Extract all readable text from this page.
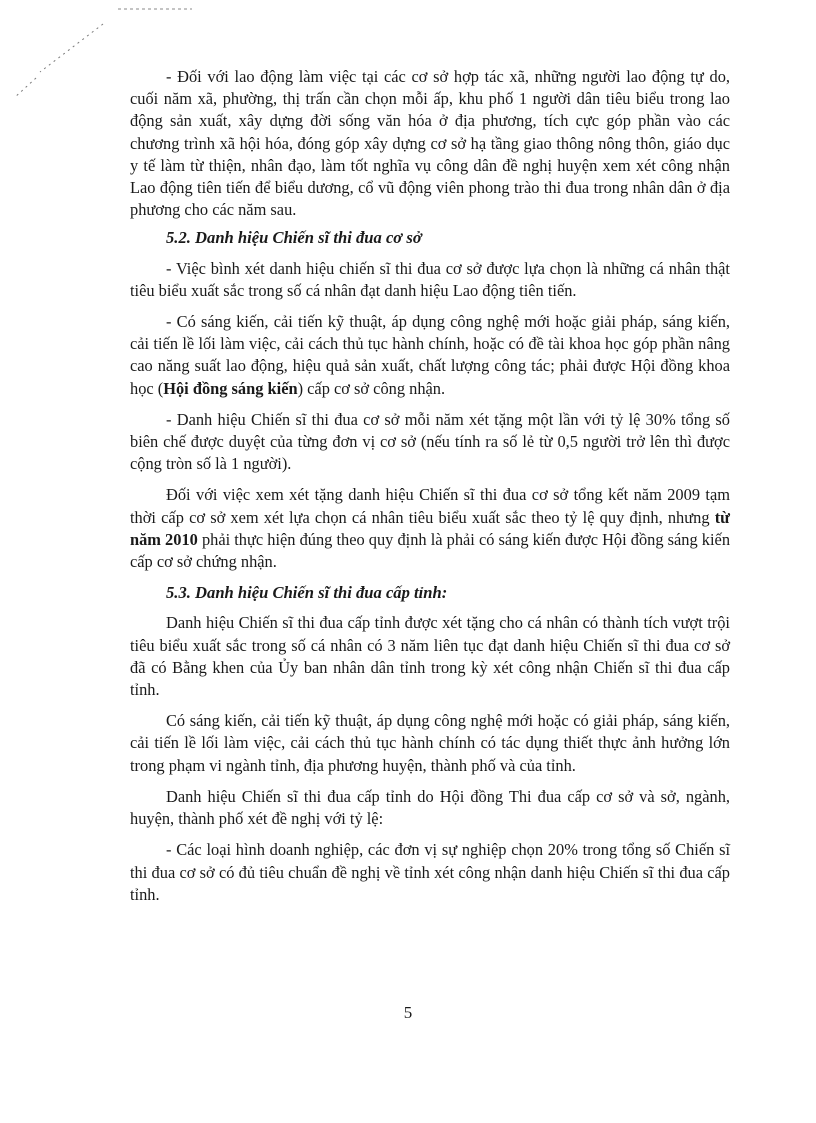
- Đối với lao động làm việc tại các cơ sở hợp tác xã, những người lao động tự do, cuối năm xã, phường, thị trấn cần chọn mỗi ấp, khu phố 1 người dân tiêu biểu trong lao động sản xuất, xây dựng đời sống văn hóa ở địa phương, tích cực góp phần vào các chương trình xã hội hóa, đóng góp xây dựng cơ sở hạ tầng giao thông nông thôn, giáo dục y tế làm từ thiện, nhân đạo, làm tốt nghĩa vụ công dân đề nghị huyện xem xét công nhận Lao động tiên tiến để biểu dương, cổ vũ động viên phong trào thi đua trong nhân dân ở địa phương cho các năm sau.

5.2. Danh hiệu Chiến sĩ thi đua cơ sở

- Việc bình xét danh hiệu chiến sĩ thi đua cơ sở được lựa chọn là những cá nhân thật tiêu biểu xuất sắc trong số cá nhân đạt danh hiệu Lao động tiên tiến.

- Có sáng kiến, cải tiến kỹ thuật, áp dụng công nghệ mới hoặc giải pháp, sáng kiến, cải tiến lề lối làm việc, cải cách thủ tục hành chính, hoặc có đề tài khoa học góp phần nâng cao năng suất lao động, hiệu quả sản xuất, chất lượng công tác; phải được Hội đồng khoa học (Hội đồng sáng kiến) cấp cơ sở công nhận.

- Danh hiệu Chiến sĩ thi đua cơ sở mỗi năm xét tặng một lần với tỷ lệ 30% tổng số biên chế được duyệt của từng đơn vị cơ sở (nếu tính ra số lẻ từ 0,5 người trở lên thì được cộng tròn số là 1 người).

Đối với việc xem xét tặng danh hiệu Chiến sĩ thi đua cơ sở tổng kết năm 2009 tạm thời cấp cơ sở xem xét lựa chọn cá nhân tiêu biểu xuất sắc theo tỷ lệ quy định, nhưng từ năm 2010 phải thực hiện đúng theo quy định là phải có sáng kiến được Hội đồng sáng kiến cấp cơ sở chứng nhận.

5.3. Danh hiệu Chiến sĩ thi đua cấp tỉnh:

Danh hiệu Chiến sĩ thi đua cấp tỉnh được xét tặng cho cá nhân có thành tích vượt trội tiêu biểu xuất sắc trong số cá nhân có 3 năm liên tục đạt danh hiệu Chiến sĩ thi đua cơ sở đã có Bằng khen của Ủy ban nhân dân tỉnh trong kỳ xét công nhận Chiến sĩ thi đua cấp tỉnh.

Có sáng kiến, cải tiến kỹ thuật, áp dụng công nghệ mới hoặc có giải pháp, sáng kiến, cải tiến lề lối làm việc, cải cách thủ tục hành chính có tác dụng thiết thực ảnh hưởng lớn trong phạm vi ngành tỉnh, địa phương huyện, thành phố và của tỉnh.

Danh hiệu Chiến sĩ thi đua cấp tỉnh do Hội đồng Thi đua cấp cơ sở và sở, ngành, huyện, thành phố xét đề nghị với tỷ lệ:

- Các loại hình doanh nghiệp, các đơn vị sự nghiệp chọn 20% trong tổng số Chiến sĩ thi đua cơ sở có đủ tiêu chuẩn đề nghị về tỉnh xét công nhận danh hiệu Chiến sĩ thi đua cấp tỉnh.

5
